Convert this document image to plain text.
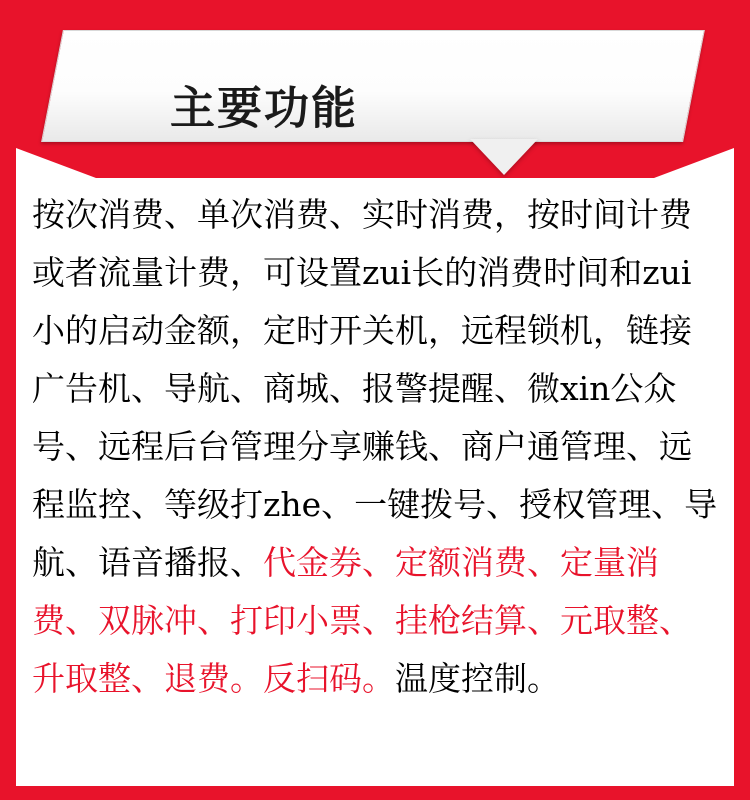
主要功能
按次消费、单次消费、实时消费，按时间计费或者流量计费，可设置zui长的消费时间和zui小的启动金额，定时开关机，远程锁机，链接广告机、导航、商城、报警提醒、微xin公众号、远程后台管理分享赚钱、商户通管理、远程监控、等级打zhe、一键拨号、授权管理、导航、语音播报、代金券、定额消费、定量消费、双脉冲、打印小票、挂枪结算、元取整、升取整、退费。反扫码。温度控制。
